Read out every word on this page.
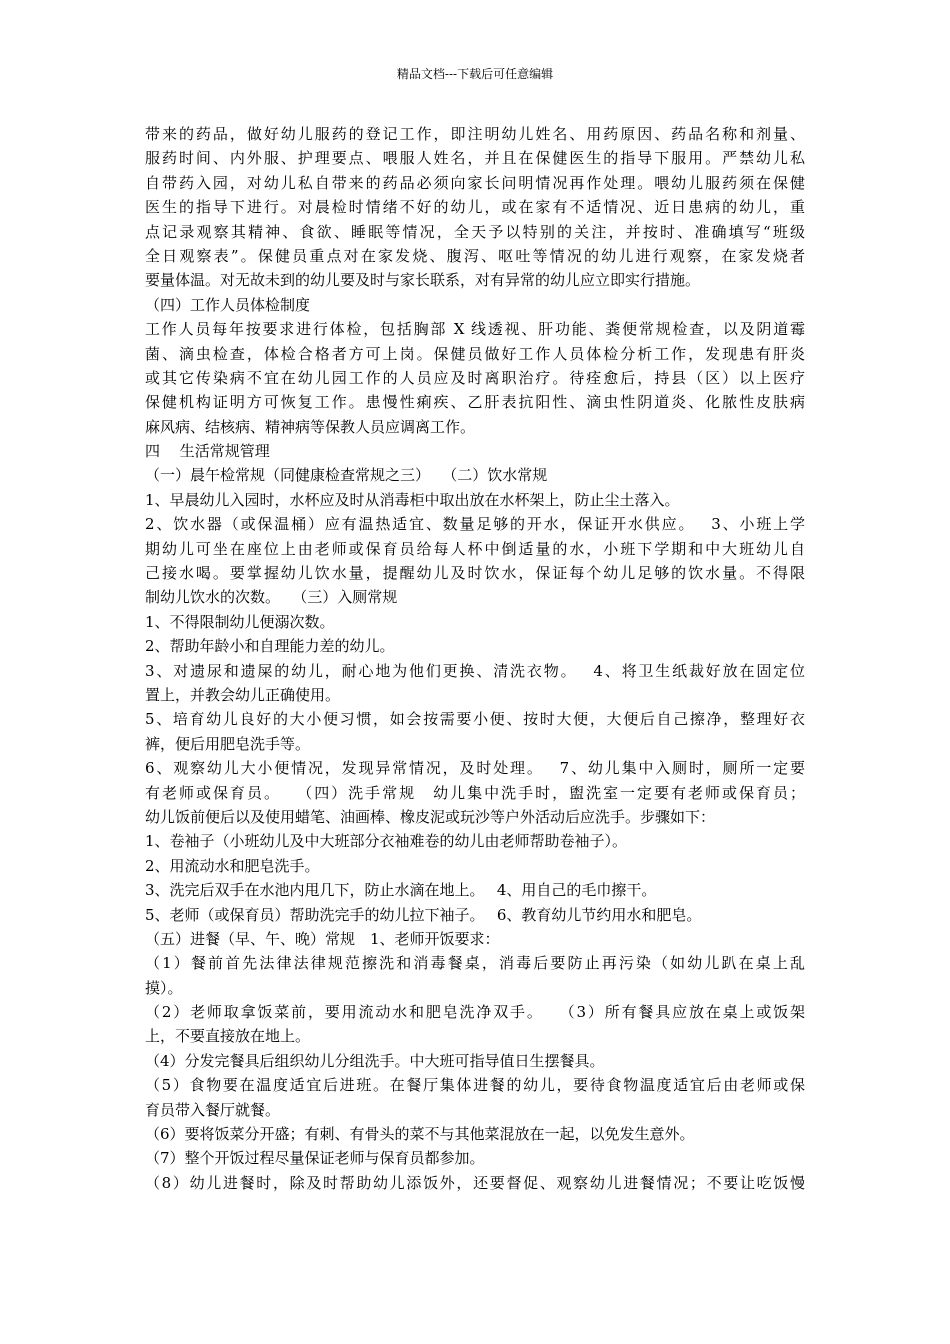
精品文档---下载后可任意编辑
带来的药品，做好幼儿服药的登记工作，即注明幼儿姓名、用药原因、药品名称和剂量、
服药时间、内外服、护理要点、喂服人姓名，并且在保健医生的指导下服用。严禁幼儿私
自带药入园，对幼儿私自带来的药品必须向家长问明情况再作处理。喂幼儿服药须在保健
医生的指导下进行。对晨检时情绪不好的幼儿，或在家有不适情况、近日患病的幼儿，重
点记录观察其精神、食欲、睡眠等情况，全天予以特别的关注，并按时、准确填写“班级
全日观察表”。保健员重点对在家发烧、腹泻、呕吐等情况的幼儿进行观察，在家发烧者
要量体温。对无故未到的幼儿要及时与家长联系，对有异常的幼儿应立即实行措施。
（四）工作人员体检制度
工作人员每年按要求进行体检，包括胸部 X 线透视、肝功能、粪便常规检查，以及阴道霉
菌、滴虫检查，体检合格者方可上岗。保健员做好工作人员体检分析工作，发现患有肝炎
或其它传染病不宜在幼儿园工作的人员应及时离职治疗。待痊愈后，持县（区）以上医疗
保健机构证明方可恢复工作。患慢性痢疾、乙肝表抗阳性、滴虫性阴道炎、化脓性皮肤病
麻风病、结核病、精神病等保教人员应调离工作。
四　 生活常规管理
（一）晨午检常规（同健康检查常规之三）　 （二）饮水常规
1、早晨幼儿入园时，水杯应及时从消毒柜中取出放在水杯架上，防止尘土落入。
2、饮水器（或保温桶）应有温热适宜、数量足够的开水，保证开水供应。　 3、小班上学
期幼儿可坐在座位上由老师或保育员给每人杯中倒适量的水，小班下学期和中大班幼儿自
己接水喝。要掌握幼儿饮水量，提醒幼儿及时饮水，保证每个幼儿足够的饮水量。不得限
制幼儿饮水的次数。　 （三）入厕常规
1、不得限制幼儿便溺次数。
2、帮助年龄小和自理能力差的幼儿。
3、对遗尿和遗屎的幼儿，耐心地为他们更换、清洗衣物。　 4、将卫生纸裁好放在固定位
置上，并教会幼儿正确使用。
5、培育幼儿良好的大小便习惯，如会按需要小便、按时大便，大便后自己擦净，整理好衣
裤，便后用肥皂洗手等。
6、观察幼儿大小便情况，发现异常情况，及时处理。　 7、幼儿集中入厕时，厕所一定要
有老师或保育员。　 （四）洗手常规　幼儿集中洗手时，盥洗室一定要有老师或保育员；
幼儿饭前便后以及使用蜡笔、油画棒、橡皮泥或玩沙等户外活动后应洗手。步骤如下：
1、卷袖子（小班幼儿及中大班部分衣袖难卷的幼儿由老师帮助卷袖子）。
2、用流动水和肥皂洗手。
3、洗完后双手在水池内甩几下，防止水滴在地上。　 4、用自己的毛巾擦干。
5、老师（或保育员）帮助洗完手的幼儿拉下袖子。　 6、教育幼儿节约用水和肥皂。
（五）进餐（早、午、晚）常规　1、老师开饭要求：
（1）餐前首先法律法律规范擦洗和消毒餐桌，消毒后要防止再污染（如幼儿趴在桌上乱
摸）。
（2）老师取拿饭菜前，要用流动水和肥皂洗净双手。　 （3）所有餐具应放在桌上或饭架
上，不要直接放在地上。
（4）分发完餐具后组织幼儿分组洗手。中大班可指导值日生摆餐具。
（5）食物要在温度适宜后进班。在餐厅集体进餐的幼儿，要待食物温度适宜后由老师或保
育员带入餐厅就餐。
（6）要将饭菜分开盛；有刺、有骨头的菜不与其他菜混放在一起，以免发生意外。
（7）整个开饭过程尽量保证老师与保育员都参加。
（8）幼儿进餐时，除及时帮助幼儿添饭外，还要督促、观察幼儿进餐情况；不要让吃饭慢
